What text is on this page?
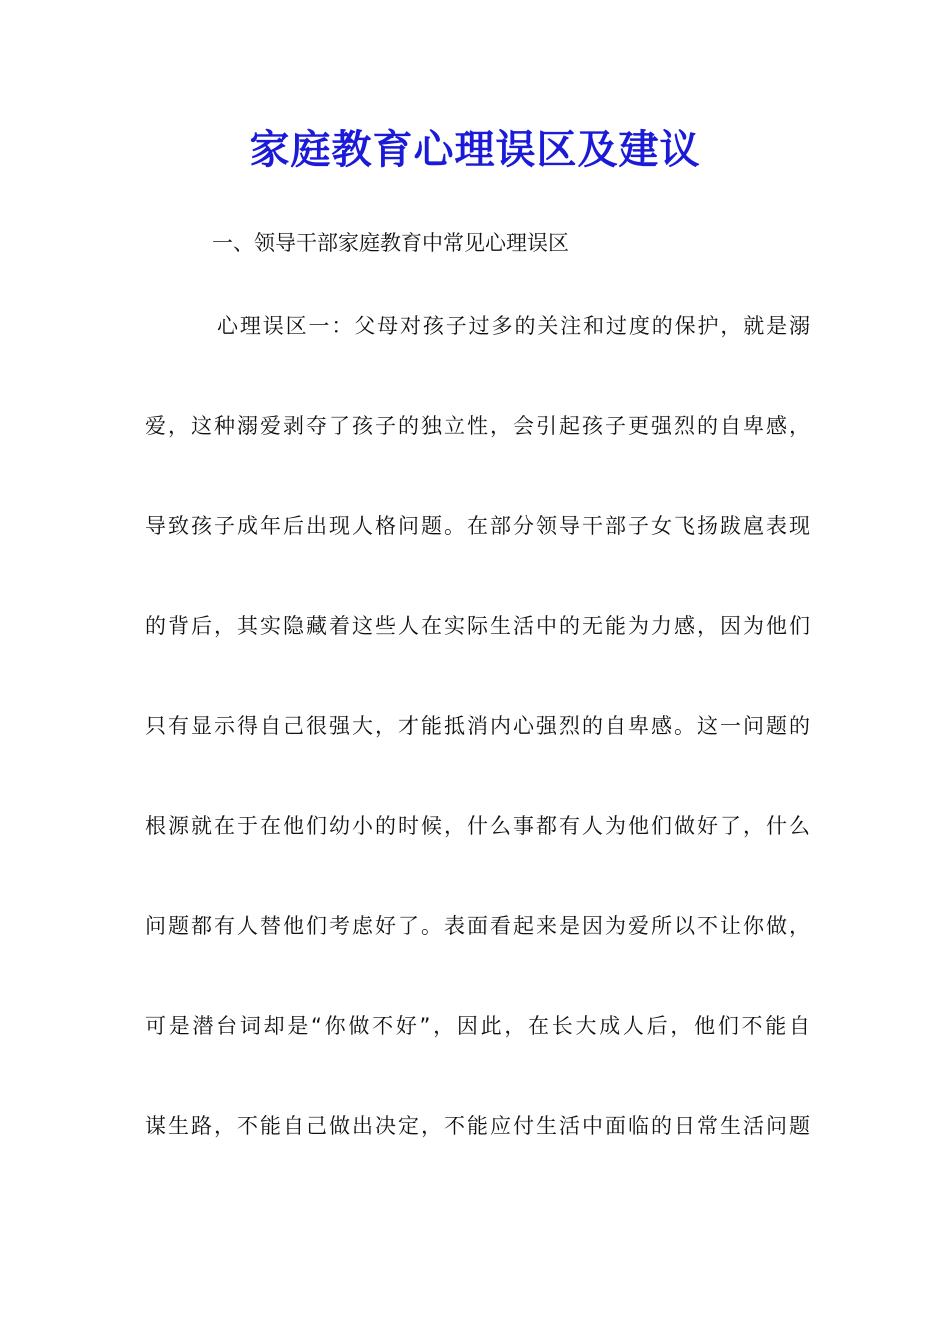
家庭教育心理误区及建议
一、领导干部家庭教育中常见心理误区
心理误区一：父母对孩子过多的关注和过度的保护，就是溺
爱，这种溺爱剥夺了孩子的独立性，会引起孩子更强烈的自卑感，
导致孩子成年后出现人格问题。在部分领导干部子女飞扬跋扈表现
的背后，其实隐藏着这些人在实际生活中的无能为力感，因为他们
只有显示得自己很强大，才能抵消内心强烈的自卑感。这一问题的
根源就在于在他们幼小的时候，什么事都有人为他们做好了，什么
问题都有人替他们考虑好了。表面看起来是因为爱所以不让你做，
可是潜台词却是“你做不好”，因此，在长大成人后，他们不能自
谋生路，不能自己做出决定，不能应付生活中面临的日常生活问题
